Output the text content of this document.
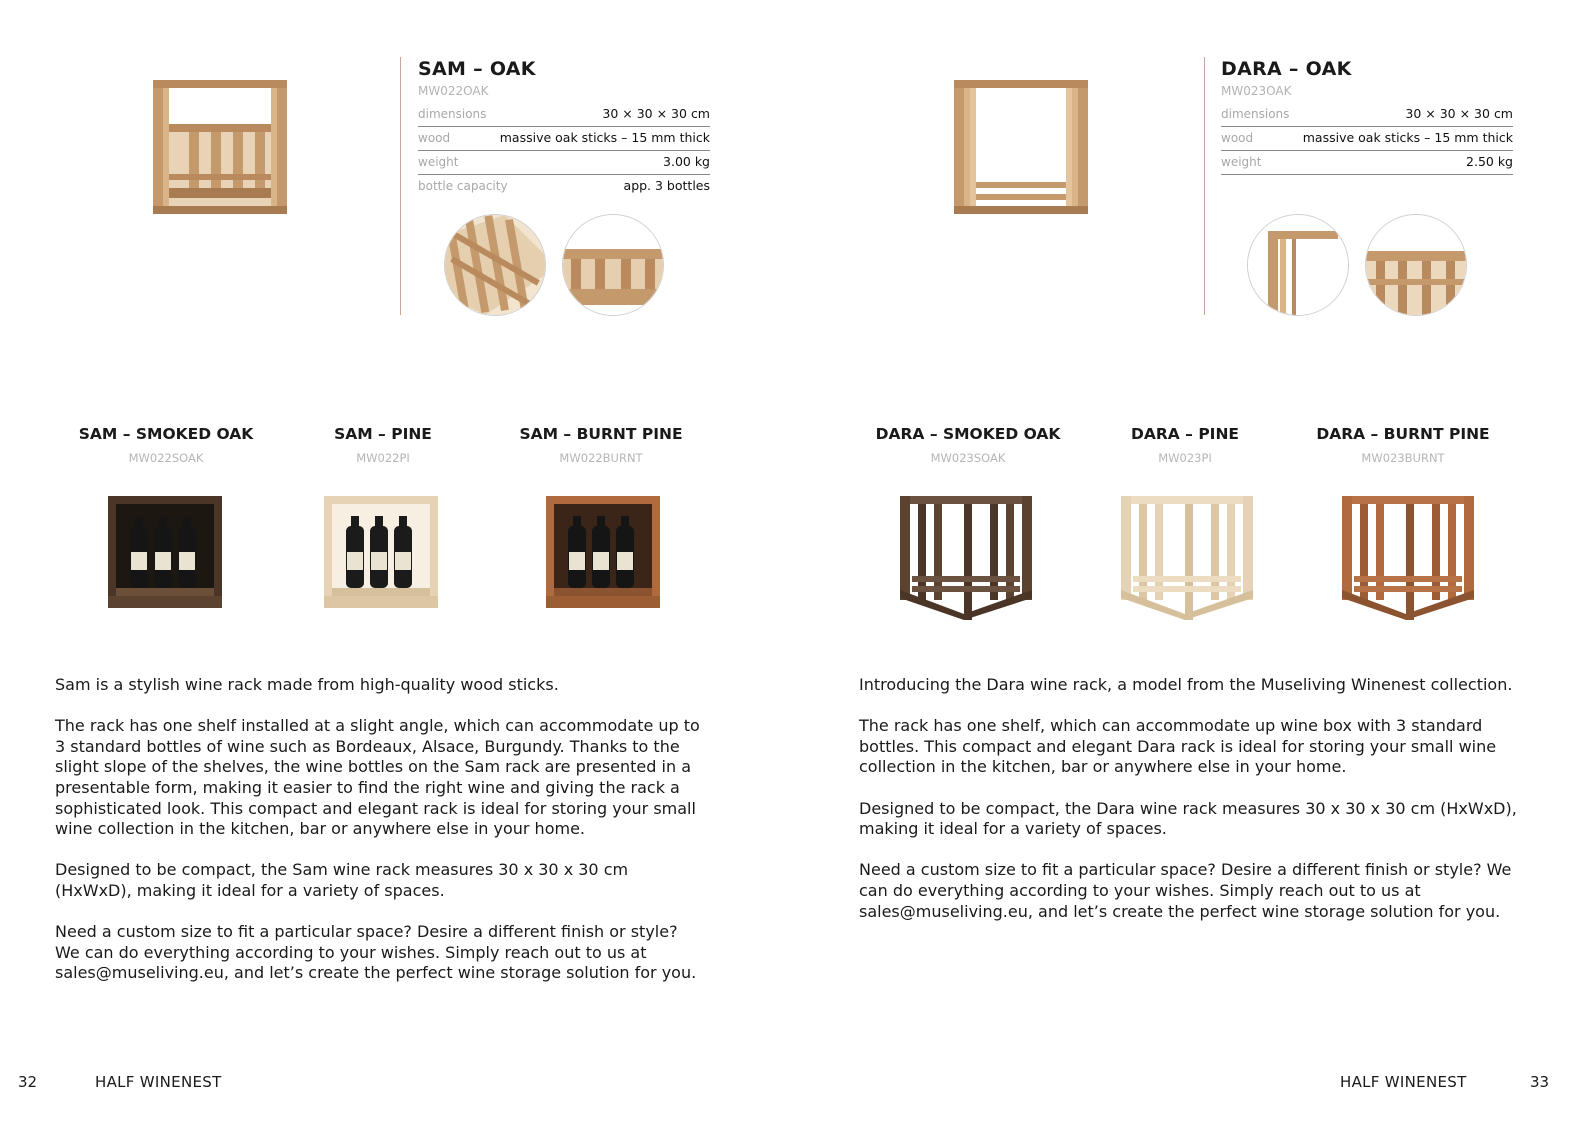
SAM – OAK
MW022OAK
dimensions	30 × 30 × 30 cm
wood	massive oak sticks – 15 mm thick
weight	3.00 kg
bottle capacity	app. 3 bottles
SAM – SMOKED OAK
MW022SOAK
SAM – PINE
MW022PI
SAM – BURNT PINE
MW022BURNT

Sam is a stylish wine rack made from high-quality wood sticks.

The rack has one shelf installed at a slight angle, which can accommodate up to 3 standard bottles of wine such as Bordeaux, Alsace, Burgundy. Thanks to the slight slope of the shelves, the wine bottles on the Sam rack are presented in a presentable form, making it easier to find the right wine and giving the rack a sophisticated look. This compact and elegant rack is ideal for storing your small wine collection in the kitchen, bar or anywhere else in your home.

Designed to be compact, the Sam wine rack measures 30 x 30 x 30 cm (HxWxD), making it ideal for a variety of spaces.

Need a custom size to fit a particular space? Desire a different finish or style? We can do everything according to your wishes. Simply reach out to us at sales@museliving.eu, and let’s create the perfect wine storage solution for you.

32	HALF WINENEST
DARA – OAK
MW023OAK
dimensions	30 × 30 × 30 cm
wood	massive oak sticks – 15 mm thick
weight	2.50 kg
DARA – SMOKED OAK
MW023SOAK
DARA – PINE
MW023PI
DARA – BURNT PINE
MW023BURNT

Introducing the Dara wine rack, a model from the Museliving Winenest collection.

The rack has one shelf, which can accommodate up wine box with 3 standard bottles. This compact and elegant Dara rack is ideal for storing your small wine collection in the kitchen, bar or anywhere else in your home.

Designed to be compact, the Dara wine rack measures 30 x 30 x 30 cm (HxWxD), making it ideal for a variety of spaces.

Need a custom size to fit a particular space? Desire a different finish or style? We can do everything according to your wishes. Simply reach out to us at sales@museliving.eu, and let’s create the perfect wine storage solution for you.

HALF WINENEST	33
